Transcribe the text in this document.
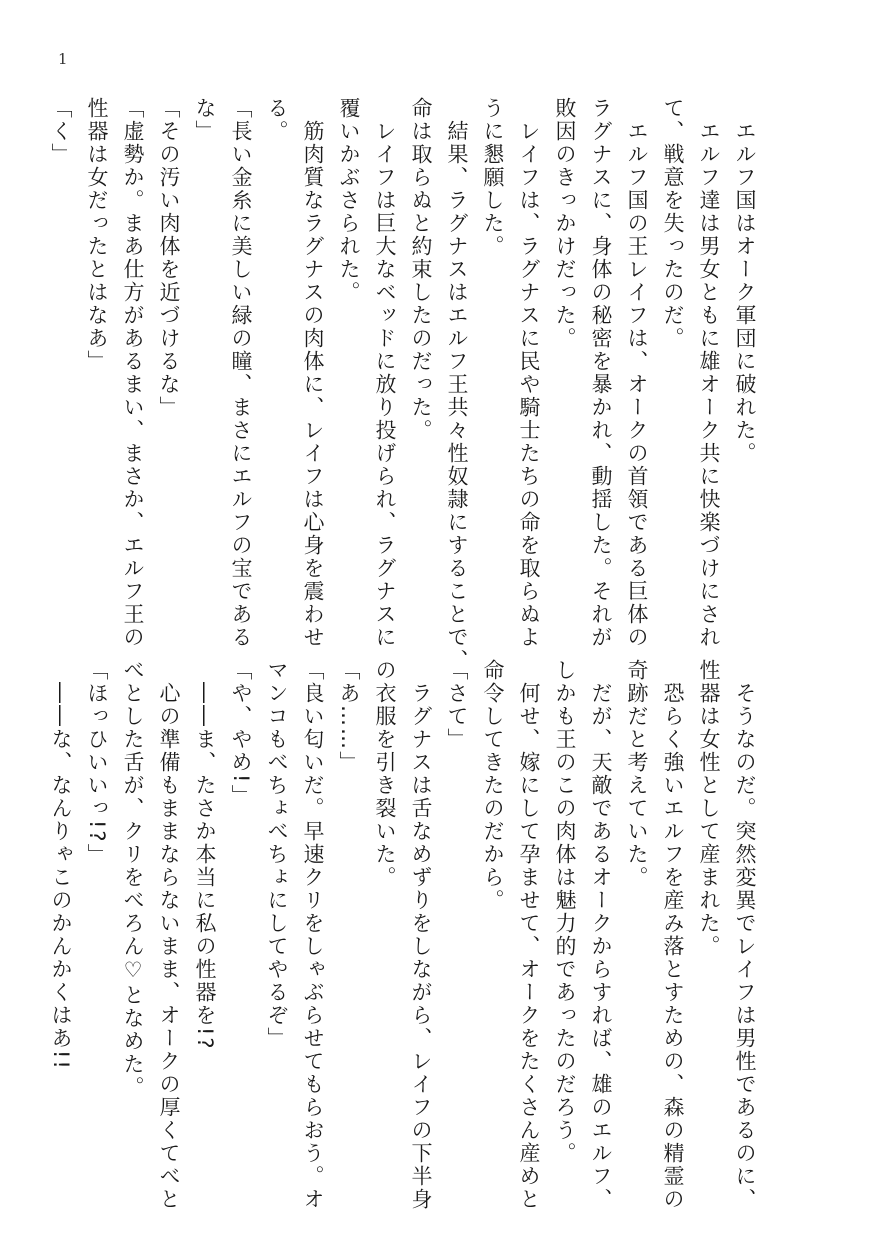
1
　エルフ国はオーク軍団に破れた。
　エルフ達は男女ともに雄オーク共に快楽づけにされ
て、戦意を失ったのだ。
　エルフ国の王レイフは、オークの首領である巨体の
ラグナスに、身体の秘密を暴かれ、動揺した。それが
敗因のきっかけだった。
　レイフは、ラグナスに民や騎士たちの命を取らぬよ
うに懇願した。
　結果、ラグナスはエルフ王共々性奴隷にすることで、
命は取らぬと約束したのだった。
　レイフは巨大なベッドに放り投げられ、ラグナスに
覆いかぶさられた。
　筋肉質なラグナスの肉体に、レイフは心身を震わせ
る。
「長い金糸に美しい緑の瞳、まさにエルフの宝である
な」
「その汚い肉体を近づけるな」
「虚勢か。まあ仕方があるまい、まさか、エルフ王の
性器は女だったとはなあ」
「く」
　そうなのだ。突然変異でレイフは男性であるのに、
性器は女性として産まれた。
　恐らく強いエルフを産み落とすための、森の精霊の
奇跡だと考えていた。
　だが、天敵であるオークからすれば、雄のエルフ、
しかも王のこの肉体は魅力的であったのだろう。
　何せ、嫁にして孕ませて、オークをたくさん産めと
命令してきたのだから。
「さて」
　ラグナスは舌なめずりをしながら、レイフの下半身
の衣服を引き裂いた。
「あ……」
「良い匂いだ。早速クリをしゃぶらせてもらおう。オ
マンコもべちょべちょにしてやるぞ」
「や、やめ!」
　――ま、たさか本当に私の性器を!?
　心の準備もままならないまま、オークの厚くてべと
べとした舌が、クリをべろん♡となめた。
「ほっひいいっ!?」
　――な、なんりゃこのかんかくはあ!!
